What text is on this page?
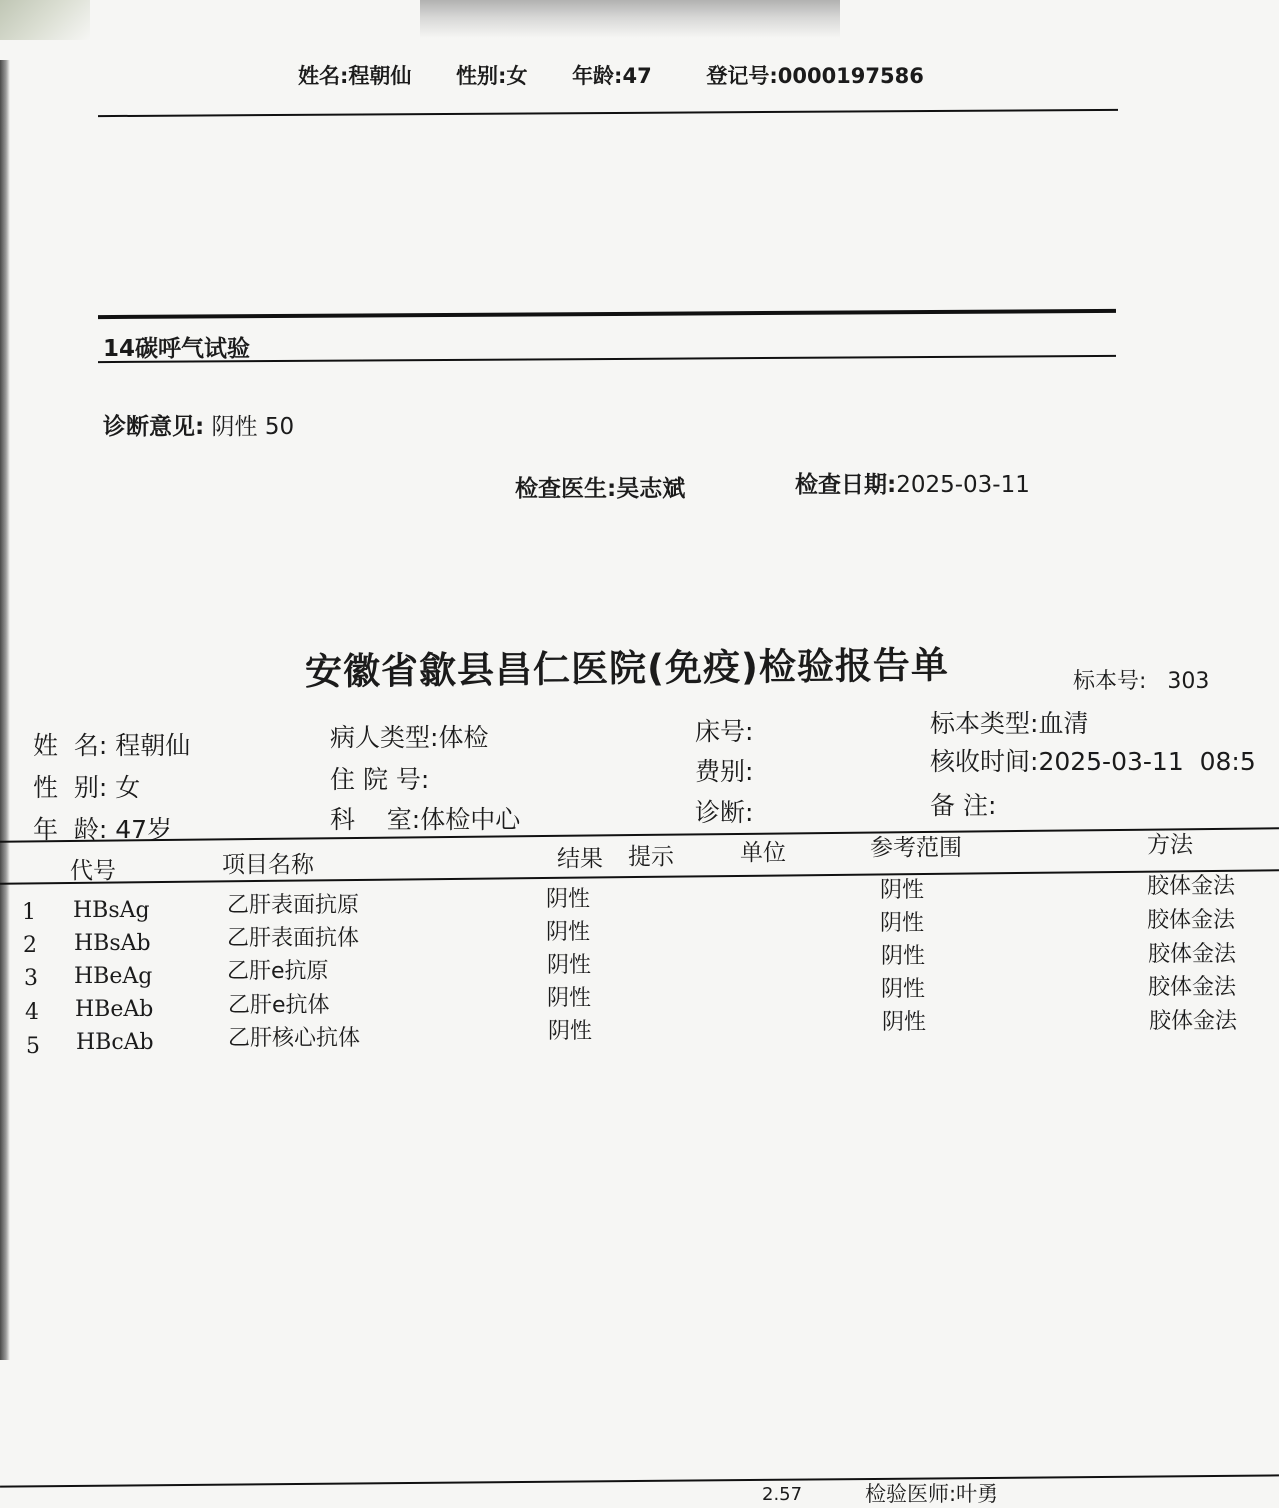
姓名:程朝仙 性别:女 年龄:47	登记号:0000197586
14碳呼气试验
诊断意见: 阴性 50
检查医生:吴志斌	检查日期:2025-03-11
安徽省歙县昌仁医院(免疫)检验报告单	标本号: 303
姓  名: 程朝仙
性  别: 女
年  龄: 47岁
病人类型:体检
住 院 号:
科    室:体检中心
床号:
费别:
诊断:
标本类型:血清
核收时间:2025-03-11  08:5
备 注:
代号	项目名称	结果 提示	单位	参考范围	方法
1 HBsAg	乙肝表面抗原	阴性	阴性	胶体金法
2 HBsAb	乙肝表面抗体	阴性	阴性	胶体金法
3 HBeAg	乙肝e抗原	阴性	阴性	胶体金法
4 HBeAb	乙肝e抗体	阴性	阴性	胶体金法
5 HBcAb	乙肝核心抗体	阴性	阴性	胶体金法
2.57	检验医师:叶勇
